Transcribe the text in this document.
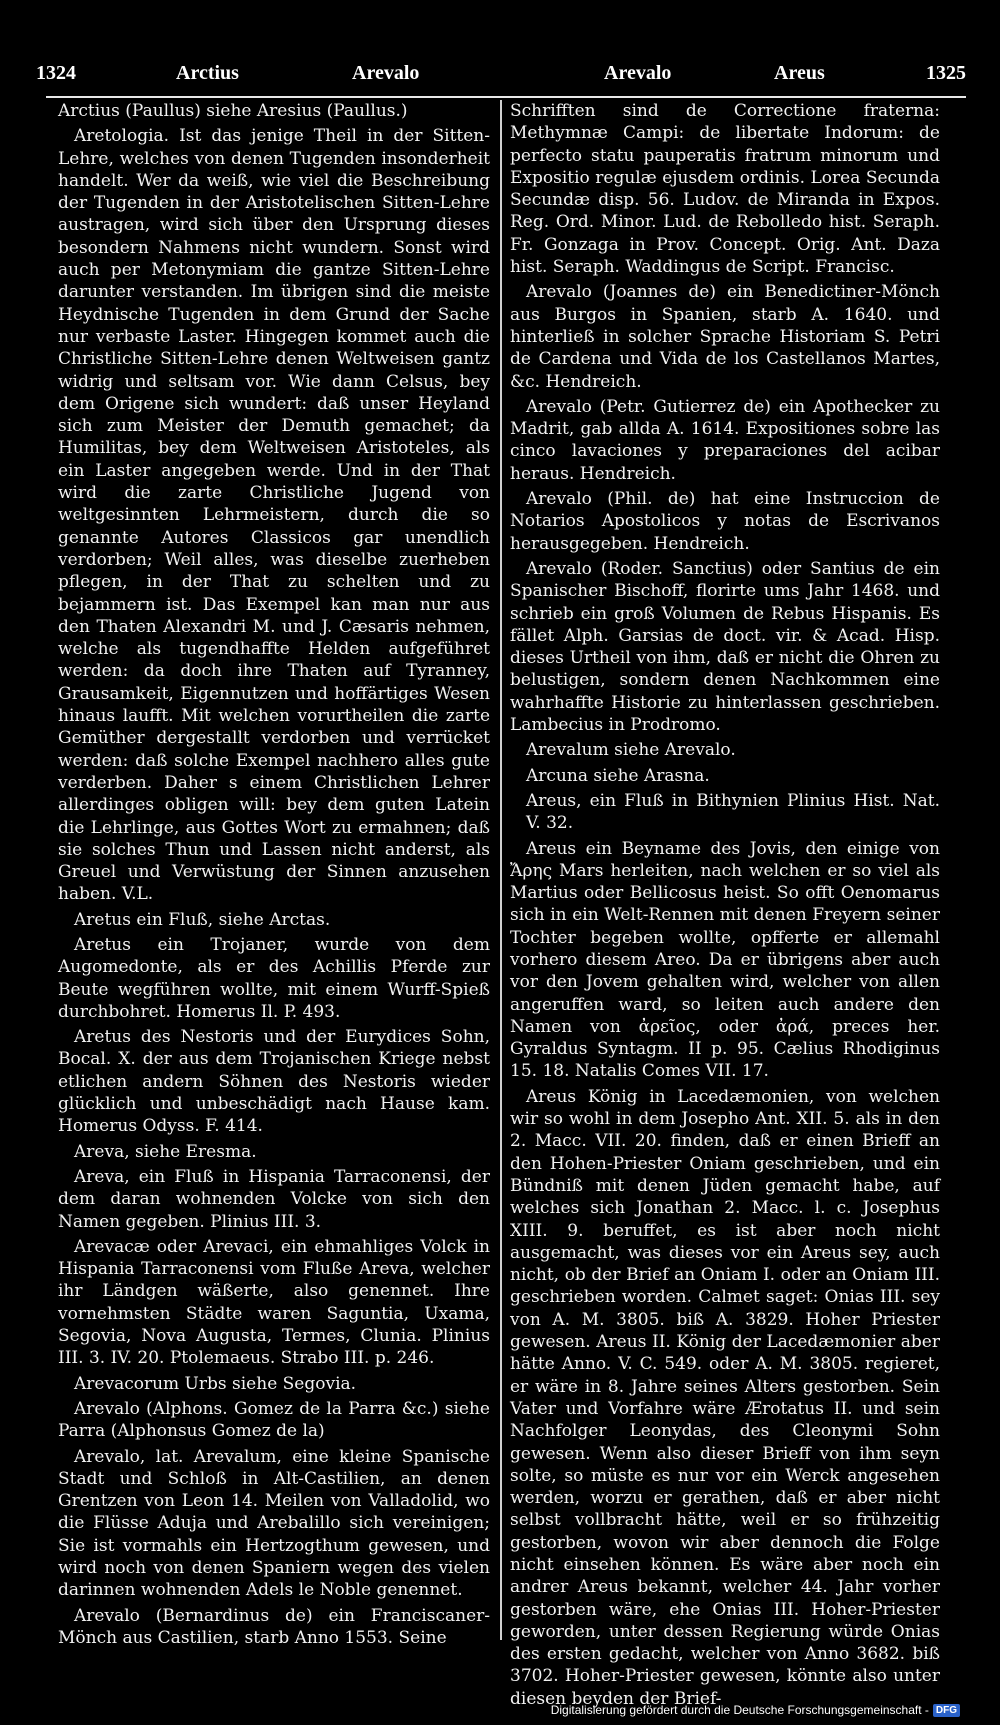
1324	Arctius	Arevalo	Arevalo	Areus	1325

Arctius (Paullus) siehe Aresius (Paullus.)

Aretologia. Ist das jenige Theil in der Sitten-Lehre, welches von denen Tugenden insonderheit handelt. Wer da weiß, wie viel die Beschreibung der Tugenden in der Aristotelischen Sitten-Lehre austragen, wird sich über den Ursprung dieses besondern Nahmens nicht wundern. Sonst wird auch per Metonymiam die gantze Sitten-Lehre darunter verstanden. Im übrigen sind die meiste Heydnische Tugenden in dem Grund der Sache nur verbaste Laster. Hingegen kommet auch die Christliche Sitten-Lehre denen Weltweisen gantz widrig und seltsam vor. Wie dann Celsus, bey dem Origene sich wundert: daß unser Heyland sich zum Meister der Demuth gemachet; da Humilitas, bey dem Weltweisen Aristoteles, als ein Laster angegeben werde. Und in der That wird die zarte Christliche Jugend von weltgesinnten Lehrmeistern, durch die so genannte Autores Classicos gar unendlich verdorben; Weil alles, was dieselbe zuerheben pflegen, in der That zu schelten und zu bejammern ist. Das Exempel kan man nur aus den Thaten Alexandri M. und J. Cæsaris nehmen, welche als tugendhaffte Helden aufgeführet werden: da doch ihre Thaten auf Tyranney, Grausamkeit, Eigennutzen und hoffärtiges Wesen hinaus laufft. Mit welchen vorurtheilen die zarte Gemüther dergestallt verdorben und verrücket werden: daß solche Exempel nachhero alles gute verderben. Daher s einem Christlichen Lehrer allerdinges obligen will: bey dem guten Latein die Lehrlinge, aus Gottes Wort zu ermahnen; daß sie solches Thun und Lassen nicht anderst, als Greuel und Verwüstung der Sinnen anzusehen haben. V.L.

Aretus ein Fluß, siehe Arctas.

Aretus ein Trojaner, wurde von dem Augomedonte, als er des Achillis Pferde zur Beute wegführen wollte, mit einem Wurff-Spieß durchbohret. Homerus Il. P. 493.

Aretus des Nestoris und der Eurydices Sohn, Bocal. X. der aus dem Trojanischen Kriege nebst etlichen andern Söhnen des Nestoris wieder glücklich und unbeschädigt nach Hause kam. Homerus Odyss. F. 414.

Areva, siehe Eresma.

Areva, ein Fluß in Hispania Tarraconensi, der dem daran wohnenden Volcke von sich den Namen gegeben. Plinius III. 3.

Arevacæ oder Arevaci, ein ehmahliges Volck in Hispania Tarraconensi vom Fluße Areva, welcher ihr Ländgen wäßerte, also genennet. Ihre vornehmsten Städte waren Saguntia, Uxama, Segovia, Nova Augusta, Termes, Clunia. Plinius III. 3. IV. 20. Ptolemaeus. Strabo III. p. 246.

Arevacorum Urbs siehe Segovia.

Arevalo (Alphons. Gomez de la Parra &c.) siehe Parra (Alphonsus Gomez de la)

Arevalo, lat. Arevalum, eine kleine Spanische Stadt und Schloß in Alt-Castilien, an denen Grentzen von Leon 14. Meilen von Valladolid, wo die Flüsse Aduja und Arebalillo sich vereinigen; Sie ist vormahls ein Hertzogthum gewesen, und wird noch von denen Spaniern wegen des vielen darinnen wohnenden Adels le Noble genennet.

Arevalo (Bernardinus de) ein Franciscaner-Mönch aus Castilien, starb Anno 1553. Seine

Schrifften sind de Correctione fraterna: Methymnæ Campi: de libertate Indorum: de perfecto statu pauperatis fratrum minorum und Expositio regulæ ejusdem ordinis. Lorea Secunda Secundæ disp. 56. Ludov. de Miranda in Expos. Reg. Ord. Minor. Lud. de Rebolledo hist. Seraph. Fr. Gonzaga in Prov. Concept. Orig. Ant. Daza hist. Seraph. Waddingus de Script. Francisc.

Arevalo (Joannes de) ein Benedictiner-Mönch aus Burgos in Spanien, starb A. 1640. und hinterließ in solcher Sprache Historiam S. Petri de Cardena und Vida de los Castellanos Martes, &c. Hendreich.

Arevalo (Petr. Gutierrez de) ein Apothecker zu Madrit, gab allda A. 1614. Expositiones sobre las cinco lavaciones y preparaciones del acibar heraus. Hendreich.

Arevalo (Phil. de) hat eine Instruccion de Notarios Apostolicos y notas de Escrivanos herausgegeben. Hendreich.

Arevalo (Roder. Sanctius) oder Santius de ein Spanischer Bischoff, florirte ums Jahr 1468. und schrieb ein groß Volumen de Rebus Hispanis. Es fället Alph. Garsias de doct. vir. & Acad. Hisp. dieses Urtheil von ihm, daß er nicht die Ohren zu belustigen, sondern denen Nachkommen eine wahrhaffte Historie zu hinterlassen geschrieben. Lambecius in Prodromo.

Arevalum siehe Arevalo.

Arcuna siehe Arasna.

Areus, ein Fluß in Bithynien Plinius Hist. Nat. V. 32.

Areus ein Beyname des Jovis, den einige von Ἄρης Mars herleiten, nach welchen er so viel als Martius oder Bellicosus heist. So offt Oenomarus sich in ein Welt-Rennen mit denen Freyern seiner Tochter begeben wollte, opfferte er allemahl vorhero diesem Areo. Da er übrigens aber auch vor den Jovem gehalten wird, welcher von allen angeruffen ward, so leiten auch andere den Namen von ἀρεῖος, oder ἀρά, preces her. Gyraldus Syntagm. II p. 95. Cælius Rhodiginus 15. 18. Natalis Comes VII. 17.

Areus König in Lacedæmonien, von welchen wir so wohl in dem Josepho Ant. XII. 5. als in den 2. Macc. VII. 20. finden, daß er einen Brieff an den Hohen-Priester Oniam geschrieben, und ein Bündniß mit denen Jüden gemacht habe, auf welches sich Jonathan 2. Macc. l. c. Josephus XIII. 9. beruffet, es ist aber noch nicht ausgemacht, was dieses vor ein Areus sey, auch nicht, ob der Brief an Oniam I. oder an Oniam III. geschrieben worden. Calmet saget: Onias III. sey von A. M. 3805. biß A. 3829. Hoher Priester gewesen. Areus II. König der Lacedæmonier aber hätte Anno. V. C. 549. oder A. M. 3805. regieret, er wäre in 8. Jahre seines Alters gestorben. Sein Vater und Vorfahre wäre Ærotatus II. und sein Nachfolger Leonydas, des Cleonymi Sohn gewesen. Wenn also dieser Brieff von ihm seyn solte, so müste es nur vor ein Werck angesehen werden, worzu er gerathen, daß er aber nicht selbst vollbracht hätte, weil er so frühzeitig gestorben, wovon wir aber dennoch die Folge nicht einsehen können. Es wäre aber noch ein andrer Areus bekannt, welcher 44. Jahr vorher gestorben wäre, ehe Onias III. Hoher-Priester geworden, unter dessen Regierung würde Onias des ersten gedacht, welcher von Anno 3682. biß 3702. Hoher-Priester gewesen, könnte also unter diesen beyden der Brief-

Digitalisierung gefördert durch die Deutsche Forschungsgemeinschaft - DFG
